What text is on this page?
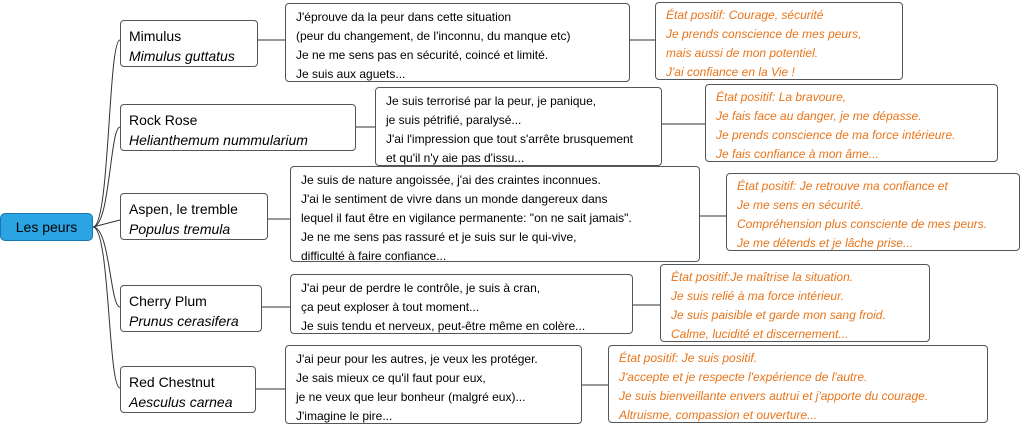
Les peurs
Mimulus
Mimulus guttatus
J'éprouve da la peur dans cette situation
(peur du changement, de l'inconnu, du manque etc)
Je ne me sens pas en sécurité, coincé et limité.
Je suis aux aguets...
État positif: Courage, sécurité
Je prends conscience de mes peurs,
mais aussi de mon potentiel.
J'ai confiance en la Vie !
Rock Rose
Helianthemum nummularium
Je suis terrorisé par la peur, je panique,
je suis pétrifié, paralysé...
J'ai l'impression que tout s'arrête brusquement
et qu'il n'y aie pas d'issu...
État positif: La bravoure,
Je fais face au danger, je me dépasse.
Je prends conscience de ma force intérieure.
Je fais confiance à mon âme...
Aspen, le tremble
Populus tremula
Je suis de nature angoissée, j'ai des craintes inconnues.
J'ai le sentiment de vivre dans un monde dangereux dans
lequel il faut être en vigilance permanente: "on ne sait jamais".
Je ne me sens pas rassuré et je suis sur le qui-vive,
difficulté à faire confiance...
État positif: Je retrouve ma confiance et
Je me sens en sécurité.
Compréhension plus consciente de mes peurs.
Je me détends et je lâche prise...
Cherry Plum
Prunus cerasifera
J'ai peur de perdre le contrôle, je suis à cran,
ça peut exploser à tout moment...
Je suis tendu et nerveux, peut-être même en colère...
État positif:Je maîtrise la situation.
Je suis relié à ma force intérieur.
Je suis paisible et garde mon sang froid.
Calme, lucidité et discernement...
Red Chestnut
Aesculus carnea
J'ai peur pour les autres, je veux les protéger.
Je sais mieux ce qu'il faut pour eux,
je ne veux que leur bonheur (malgré eux)...
J'imagine le pire...
État positif: Je suis positif.
J'accepte et je respecte l'expérience de l'autre.
Je suis bienveillante envers autrui et j'apporte du courage.
Altruisme, compassion et ouverture...
